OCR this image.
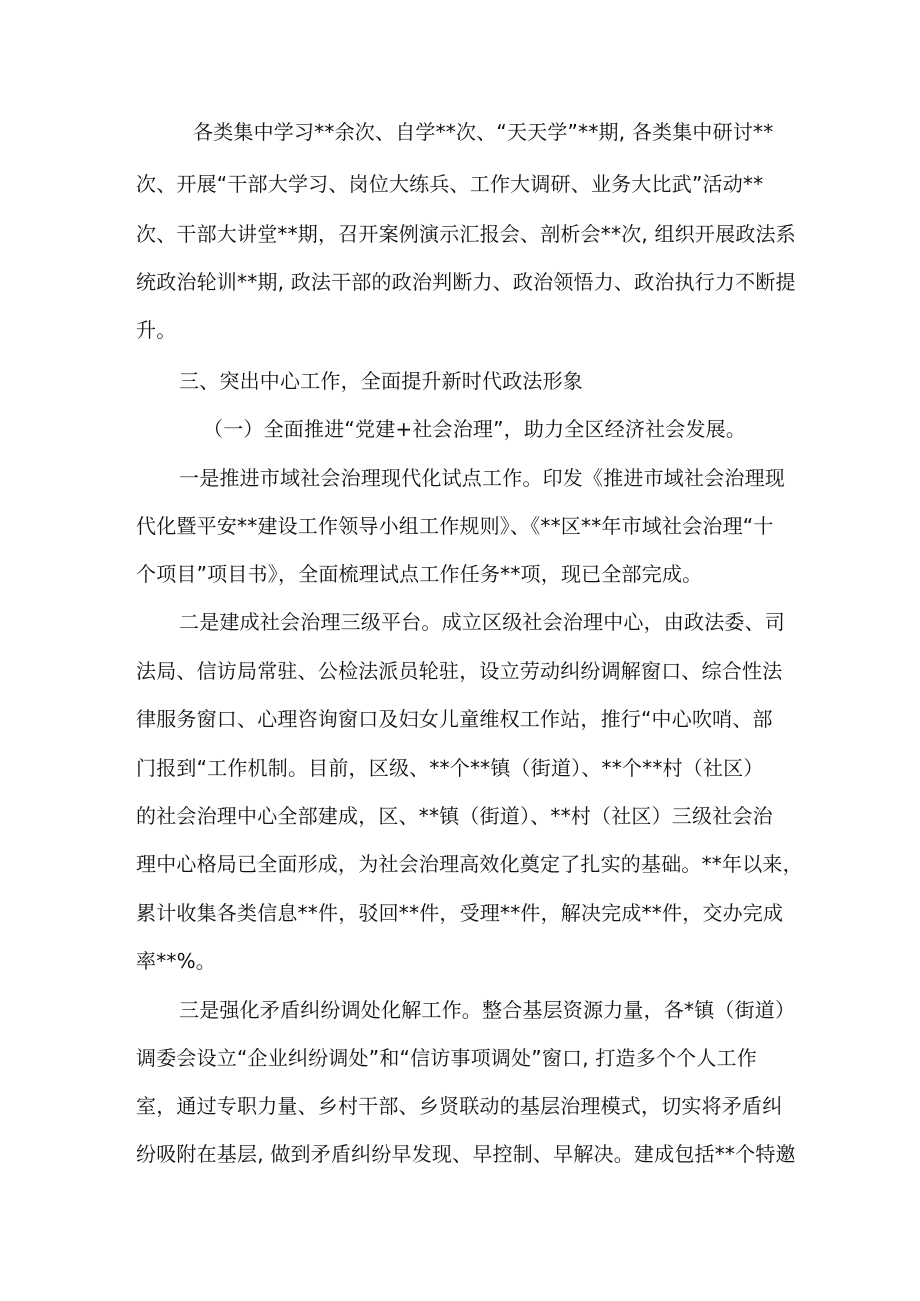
各类集中学习**余次、自学**次、“天天学”**期, 各类集中研讨**
次、开展“干部大学习、岗位大练兵、工作大调研、业务大比武”活动**
次、干部大讲堂**期，召开案例演示汇报会、剖析会**次, 组织开展政法系
统政治轮训**期, 政法干部的政治判断力、政治领悟力、政治执行力不断提
升。
三、突出中心工作，全面提升新时代政法形象
（一）全面推进“党建+社会治理”，助力全区经济社会发展。
一是推进市域社会治理现代化试点工作。印发《推进市域社会治理现
代化暨平安**建设工作领导小组工作规则》、《**区**年市域社会治理“十
个项目”项目书》，全面梳理试点工作任务**项，现已全部完成。
二是建成社会治理三级平台。成立区级社会治理中心，由政法委、司
法局、信访局常驻、公检法派员轮驻，设立劳动纠纷调解窗口、综合性法
律服务窗口、心理咨询窗口及妇女儿童维权工作站，推行“中心吹哨、部
门报到“工作机制。目前，区级、**个**镇（街道）、**个**村（社区）
的社会治理中心全部建成，区、**镇（街道）、**村（社区）三级社会治
理中心格局已全面形成，为社会治理高效化奠定了扎实的基础。**年以来，
累计收集各类信息**件，驳回**件，受理**件，解决完成**件，交办完成
率**%。
三是强化矛盾纠纷调处化解工作。整合基层资源力量，各*镇（街道）
调委会设立“企业纠纷调处”和“信访事项调处”窗口, 打造多个个人工作
室，通过专职力量、乡村干部、乡贤联动的基层治理模式，切实将矛盾纠
纷吸附在基层, 做到矛盾纠纷早发现、早控制、早解决。建成包括**个特邀
